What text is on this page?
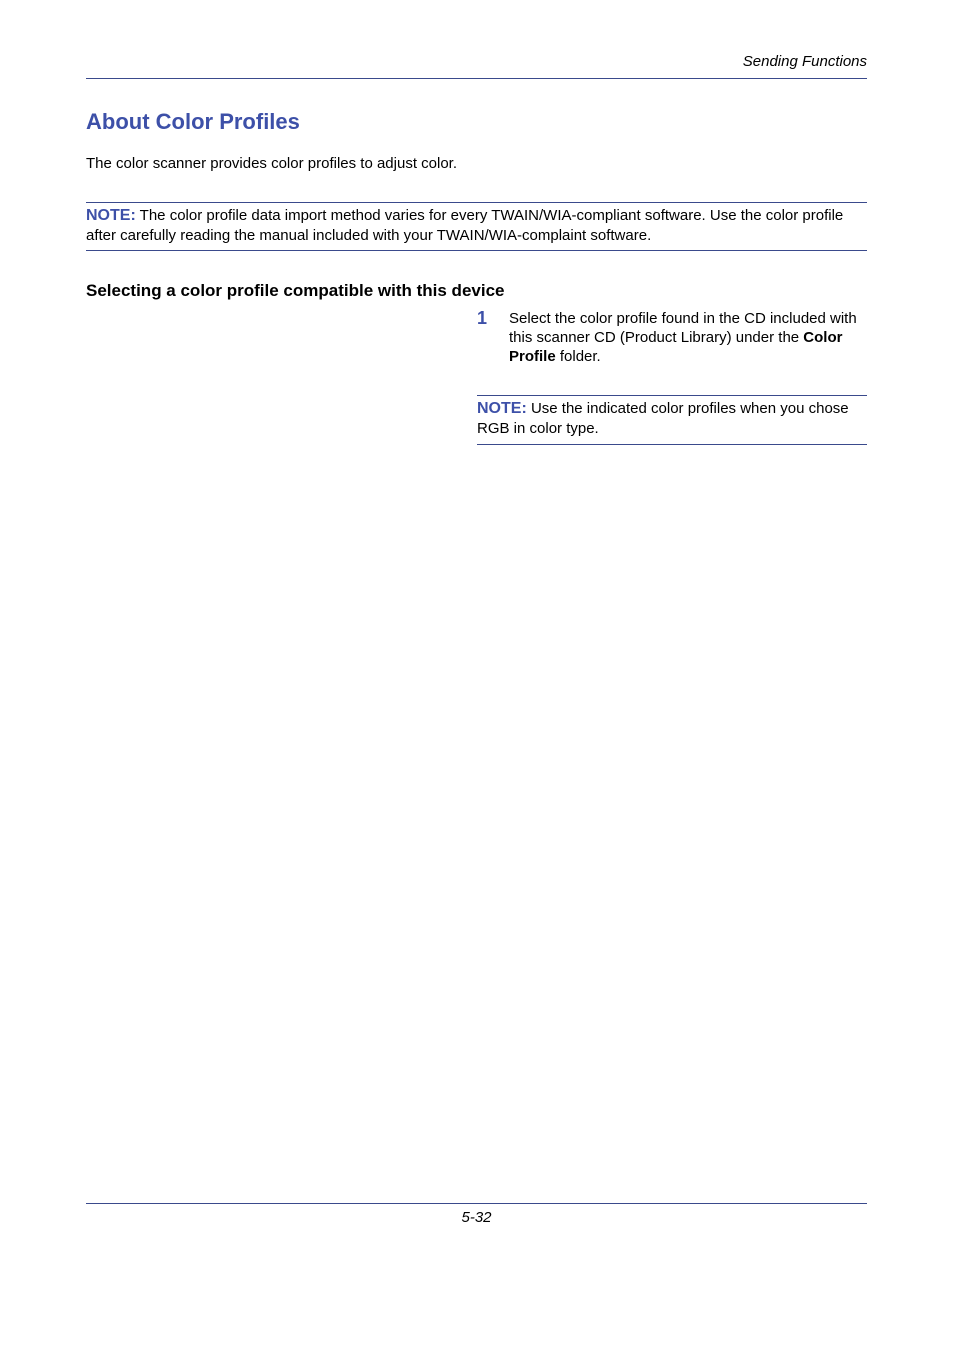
Sending Functions
About Color Profiles

The color scanner provides color profiles to adjust color.

NOTE: The color profile data import method varies for every TWAIN/WIA-compliant software. Use the color profile after carefully reading the manual included with your TWAIN/WIA-complaint software.

Selecting a color profile compatible with this device
1 Select the color profile found in the CD included with this scanner CD (Product Library) under the Color Profile folder.

NOTE: Use the indicated color profiles when you chose RGB in color type.

5-32
